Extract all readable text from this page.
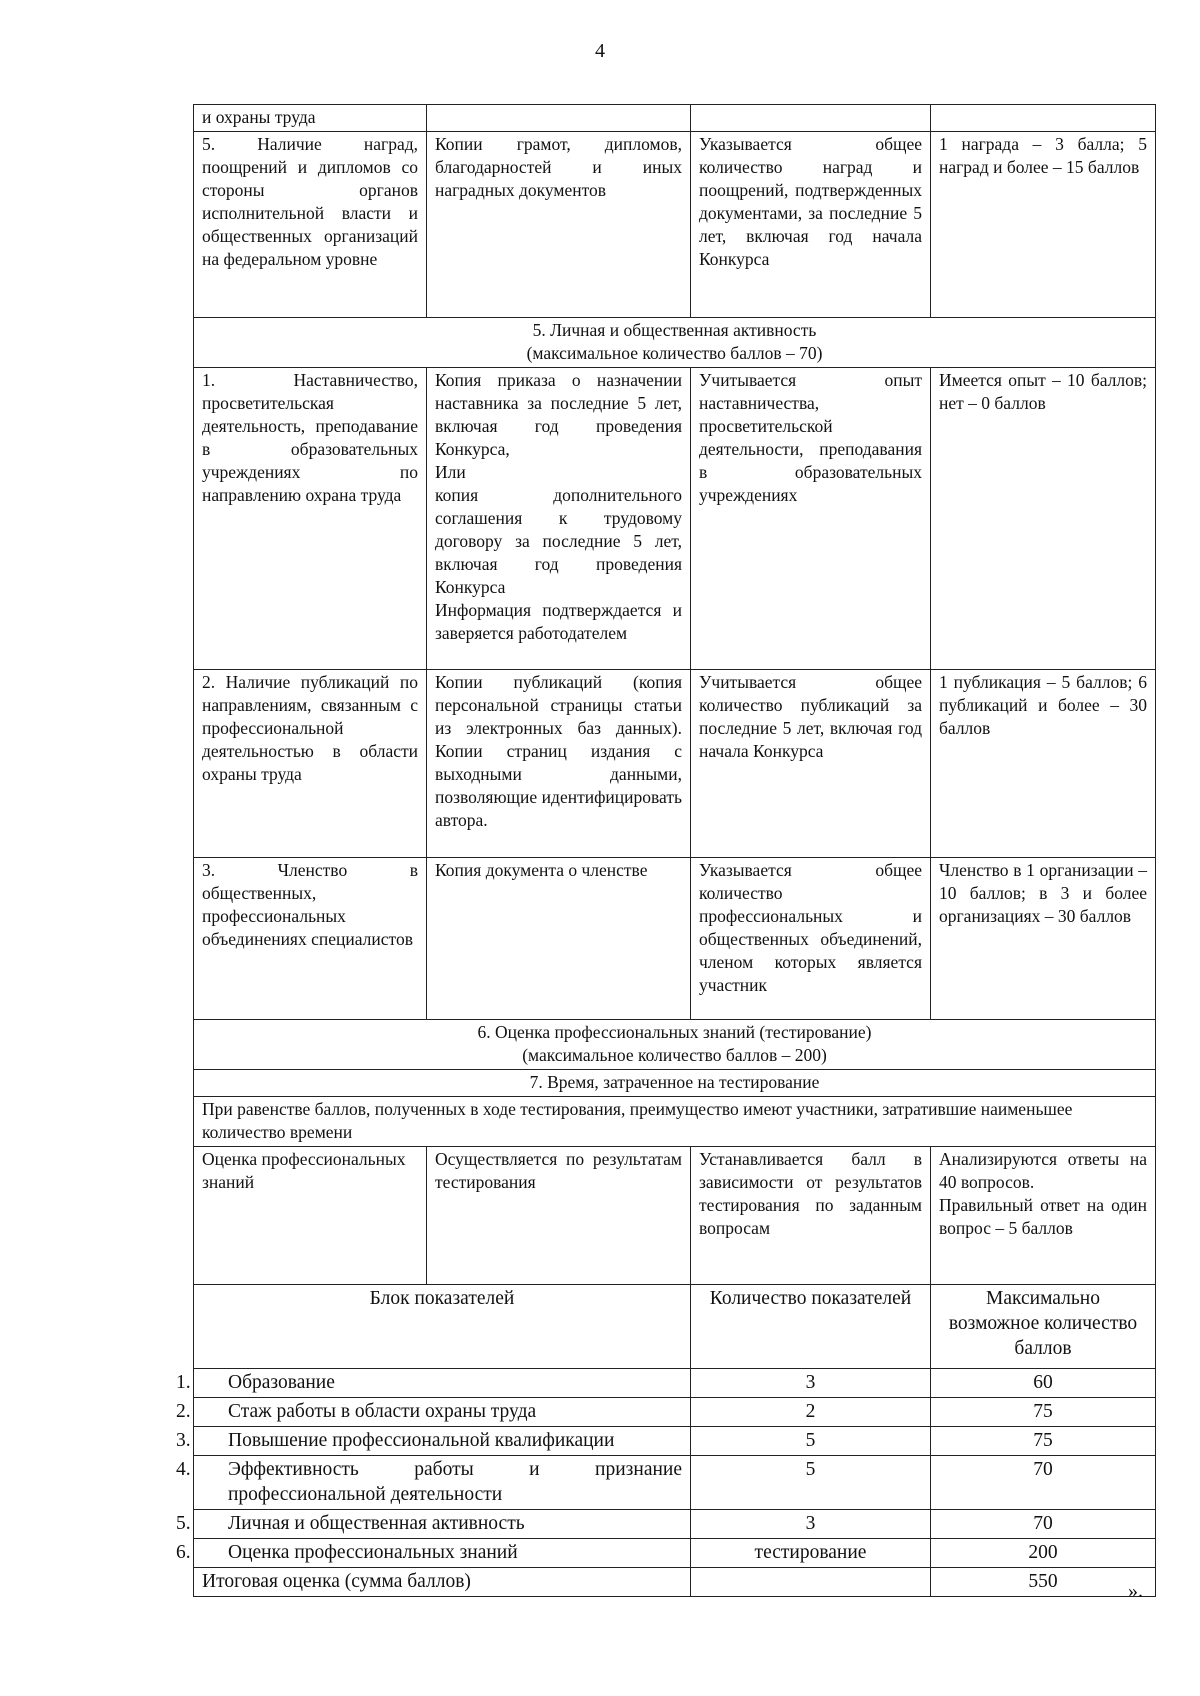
4
и охраны труда			
5. Наличие наград, поощрений и дипломов со стороны органов исполнительной власти и общественных организаций на федеральном уровне	Копии грамот, дипломов, благодарностей и иных наградных документов	Указывается общее количество наград и поощрений, подтвержденных документами, за последние 5 лет, включая год начала Конкурса	1 награда – 3 балла; 5 наград и более – 15 баллов

5. Личная и общественная активность
(максимальное количество баллов – 70)			

1. Наставничество, просветительская деятельность, преподавание в образовательных учреждениях по направлению охрана труда	Копия приказа о назначении наставника за последние 5 лет, включая год проведения Конкурса,
Или
копия дополнительного соглашения к трудовому договору за последние 5 лет, включая год проведения Конкурса
Информация подтверждается и заверяется работодателем	Учитывается опыт наставничества, просветительской деятельности, преподавания в образовательных учреждениях	Имеется опыт – 10 баллов; нет – 0 баллов
2. Наличие публикаций по направлениям, связанным с профессиональной деятельностью в области охраны труда	Копии публикаций (копия персональной страницы статьи из электронных баз данных). Копии страниц издания с выходными данными, позволяющие идентифицировать автора.	Учитывается общее количество публикаций за последние 5 лет, включая год начала Конкурса	1 публикация – 5 баллов; 6 публикаций и более – 30 баллов
3. Членство в общественных, профессиональных объединениях специалистов	Копия документа о членстве	Указывается общее количество профессиональных и общественных объединений, членом которых является участник	Членство в 1 организации – 10 баллов; в 3 и более организациях – 30 баллов

6. Оценка профессиональных знаний (тестирование)
(максимальное количество баллов – 200)			

7. Время, затраченное на тестирование			
При равенстве баллов, полученных в ходе тестирования, преимущество имеют участники, затратившие наименьшее количество времени			
Оценка профессиональных знаний	Осуществляется по результатам тестирования	Устанавливается балл в зависимости от результатов тестирования по заданным вопросам	Анализируются ответы на 40 вопросов.
Правильный ответ на один вопрос – 5 баллов

Блок показателей		Количество показателей	Максимально возможное количество баллов
1. Образование		3	60
2. Стаж работы в области охраны труда		2	75
3. Повышение профессиональной квалификации		5	75
4. Эффективность работы и признание профессиональной деятельности		5	70
5. Личная и общественная активность		3	70
6. Оценка профессиональных знаний		тестирование	200
Итоговая оценка (сумма баллов)			550	».
